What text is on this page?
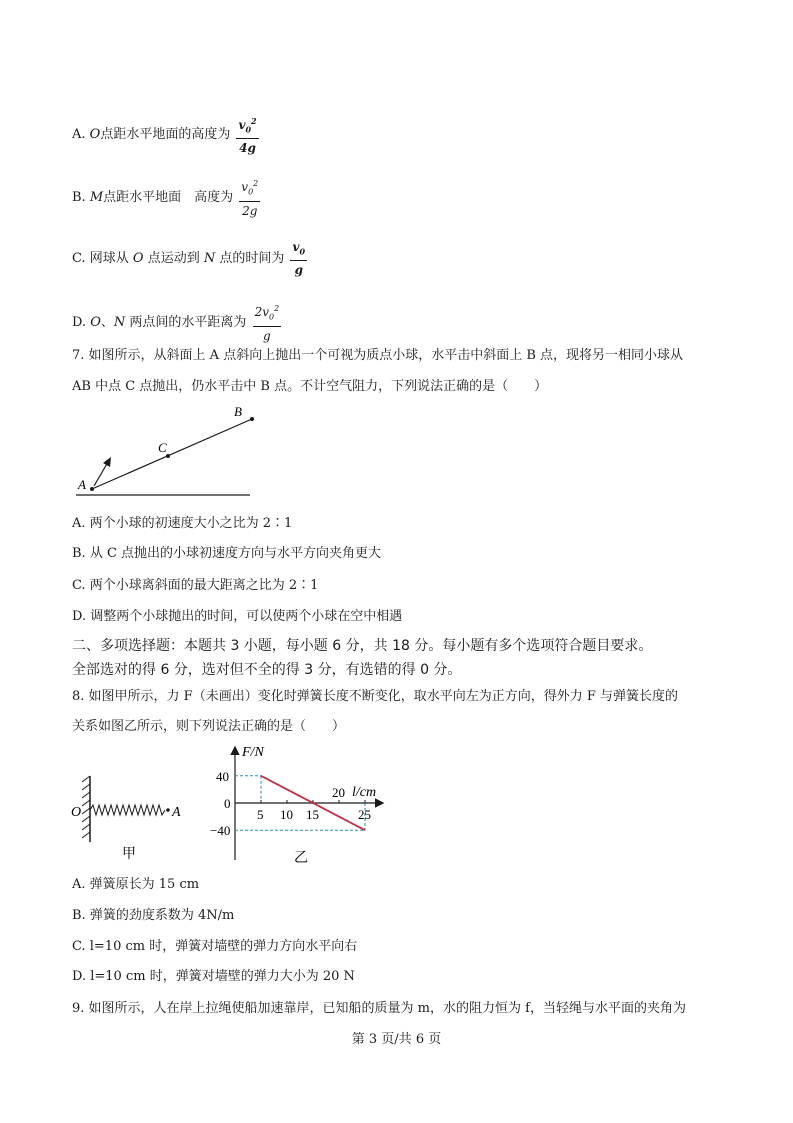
A. O点距水平地面的高度为 $\frac{v_0^2}{4g}$
B. M点距水平地面　高度为 $\frac{v_0^2}{2g}$
C. 网球从 O 点运动到 N 点的时间为 $\frac{v_0}{g}$
D. O、N 两点间的水平距离为 $\frac{2v_0^2}{g}$
7. 如图所示，从斜面上 A 点斜向上抛出一个可视为质点小球，水平击中斜面上 B 点，现将另一相同小球从
AB 中点 C 点抛出，仍水平击中 B 点。不计空气阻力，下列说法正确的是（　　）
A
C
B
A. 两个小球的初速度大小之比为 2∶1
B. 从 C 点抛出的小球初速度方向与水平方向夹角更大
C. 两个小球离斜面的最大距离之比为 2∶1
D. 调整两个小球抛出的时间，可以使两个小球在空中相遇
二、多项选择题：本题共 3 小题，每小题 6 分，共 18 分。每小题有多个选项符合题目要求。
全部选对的得 6 分，选对但不全的得 3 分，有选错的得 0 分。
8. 如图甲所示，力 F（未画出）变化时弹簧长度不断变化，取水平向左为正方向，得外力 F 与弹簧长度的
关系如图乙所示，则下列说法正确的是（　　）
O	A
甲
F/N
l/cm
5 10 15
20
25
40
0
−40
乙
A. 弹簧原长为 15 cm
B. 弹簧的劲度系数为 4N/m
C. l=10 cm 时，弹簧对墙壁的弹力方向水平向右
D. l=10 cm 时，弹簧对墙壁的弹力大小为 20 N
9. 如图所示，人在岸上拉绳使船加速靠岸，已知船的质量为 m，水的阻力恒为 f，当轻绳与水平面的夹角为
第 3 页/共 6 页
